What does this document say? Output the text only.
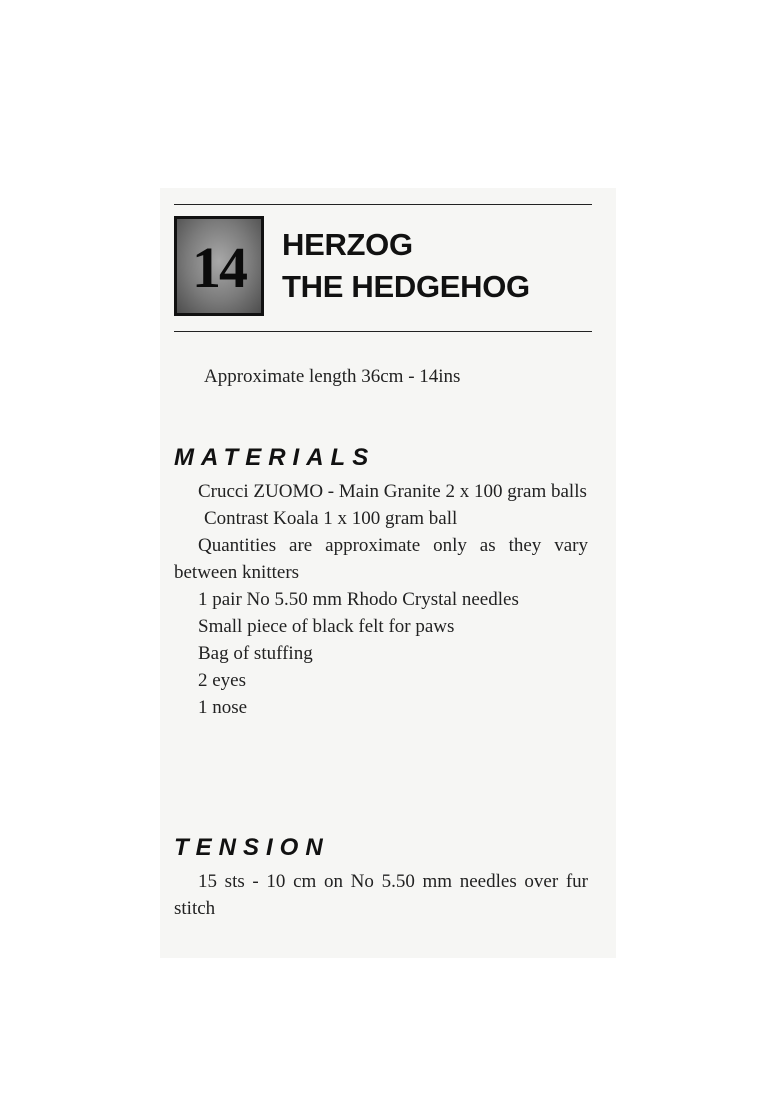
14 HERZOG
THE HEDGEHOG
Approximate length 36cm - 14ins
MATERIALS
Crucci ZUOMO - Main Granite 2 x 100 gram balls
Contrast Koala 1 x 100 gram ball
Quantities are approximate only as they vary between knitters
1 pair No 5.50 mm Rhodo Crystal needles
Small piece of black felt for paws
Bag of stuffing
2 eyes
1 nose
TENSION
15 sts - 10 cm on No 5.50 mm needles over fur stitch
